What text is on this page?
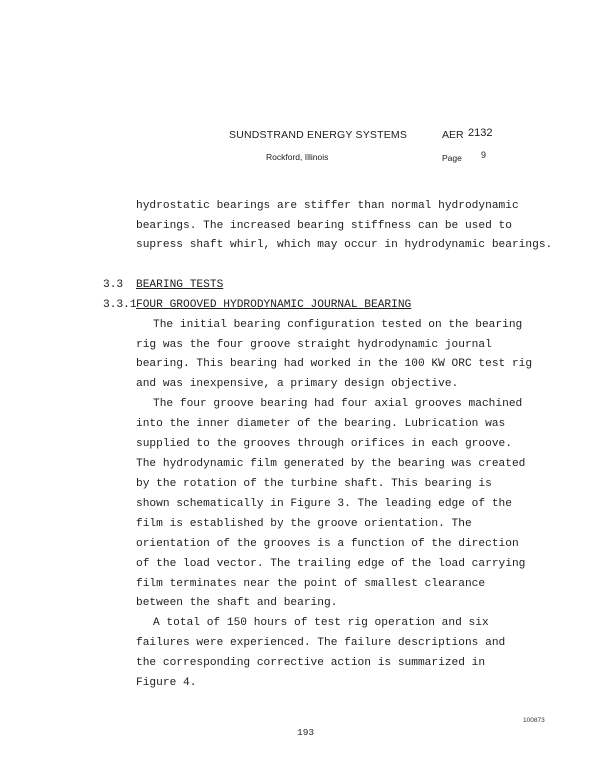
SUNDSTRAND ENERGY SYSTEMS	AER 2132
Rockford, Illinois	Page 9
hydrostatic bearings are stiffer than normal hydrodynamic
bearings. The increased bearing stiffness can be used to
supress shaft whirl, which may occur in hydrodynamic bearings.
3.3 BEARING TESTS
3.3.1 FOUR GROOVED HYDRODYNAMIC JOURNAL BEARING
The initial bearing configuration tested on the bearing
rig was the four groove straight hydrodynamic journal
bearing. This bearing had worked in the 100 KW ORC test rig
and was inexpensive, a primary design objective.
The four groove bearing had four axial grooves machined
into the inner diameter of the bearing. Lubrication was
supplied to the grooves through orifices in each groove.
The hydrodynamic film generated by the bearing was created
by the rotation of the turbine shaft. This bearing is
shown schematically in Figure 3. The leading edge of the
film is established by the groove orientation. The
orientation of the grooves is a function of the direction
of the load vector. The trailing edge of the load carrying
film terminates near the point of smallest clearance
between the shaft and bearing.
A total of 150 hours of test rig operation and six
failures were experienced. The failure descriptions and
the corresponding corrective action is summarized in
Figure 4.
100873
193
